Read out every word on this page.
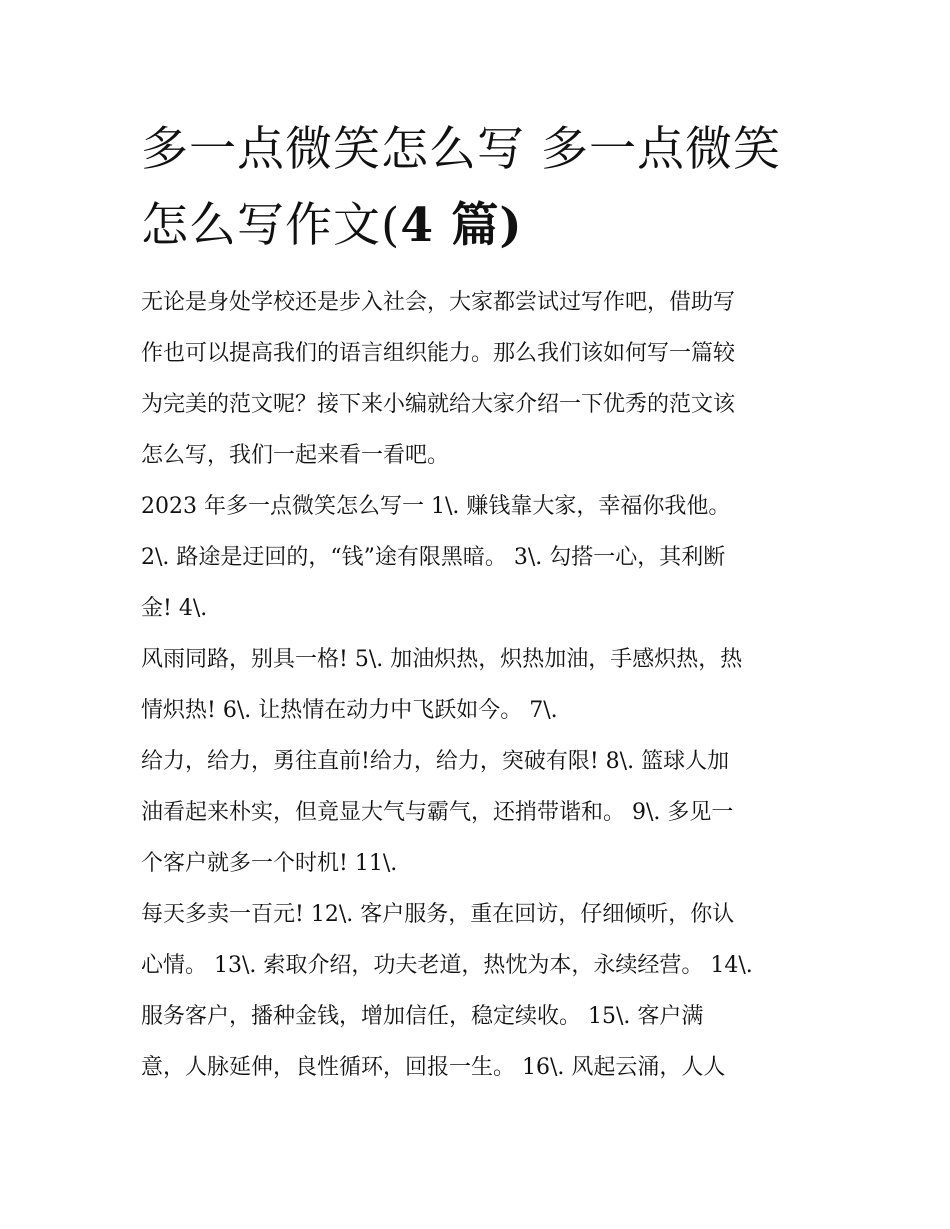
多一点微笑怎么写 多一点微笑
怎么写作文(4 篇)

无论是身处学校还是步入社会，大家都尝试过写作吧，借助写
作也可以提高我们的语言组织能力。那么我们该如何写一篇较
为完美的范文呢？接下来小编就给大家介绍一下优秀的范文该
怎么写，我们一起来看一看吧。

2023 年多一点微笑怎么写一 1\. 赚钱靠大家，幸福你我他。
2\. 路途是迂回的，“钱”途有限黑暗。 3\. 勾搭一心，其利断
金! 4\.

风雨同路，别具一格! 5\. 加油炽热，炽热加油，手感炽热，热
情炽热! 6\. 让热情在动力中飞跃如今。 7\.

给力，给力，勇往直前!给力，给力，突破有限! 8\. 篮球人加
油看起来朴实，但竟显大气与霸气，还捎带谐和。 9\. 多见一
个客户就多一个时机! 11\.

每天多卖一百元! 12\. 客户服务，重在回访，仔细倾听，你认
心情。 13\. 索取介绍，功夫老道，热忱为本，永续经营。 14\.
服务客户，播种金钱，增加信任，稳定续收。 15\. 客户满
意，人脉延伸，良性循环，回报一生。 16\. 风起云涌，人人
